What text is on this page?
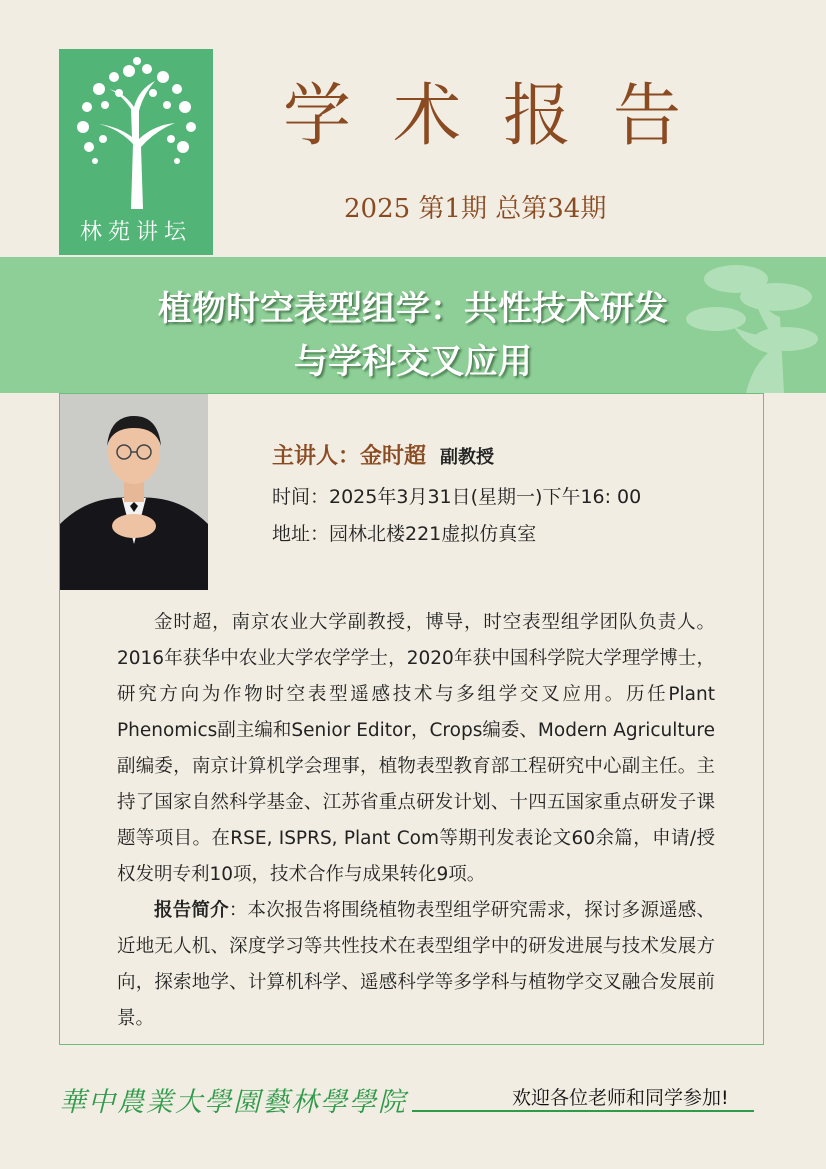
林苑讲坛
学术报告
2025 第1期 总第34期
植物时空表型组学：共性技术研发
与学科交叉应用
主讲人：金时超 副教授
时间：2025年3月31日(星期一)下午16: 00
地址：园林北楼221虚拟仿真室

金时超，南京农业大学副教授，博导，时空表型组学团队负责人。2016年获华中农业大学农学学士，2020年获中国科学院大学理学博士，研究方向为作物时空表型遥感技术与多组学交叉应用。历任Plant Phenomics副主编和Senior Editor，Crops编委、Modern Agriculture副编委，南京计算机学会理事，植物表型教育部工程研究中心副主任。主持了国家自然科学基金、江苏省重点研发计划、十四五国家重点研发子课题等项目。在RSE, ISPRS, Plant Com等期刊发表论文60余篇，申请/授权发明专利10项，技术合作与成果转化9项。

报告简介：本次报告将围绕植物表型组学研究需求，探讨多源遥感、近地无人机、深度学习等共性技术在表型组学中的研发进展与技术发展方向，探索地学、计算机科学、遥感科学等多学科与植物学交叉融合发展前景。

華中農業大學園藝林學學院	欢迎各位老师和同学参加!
